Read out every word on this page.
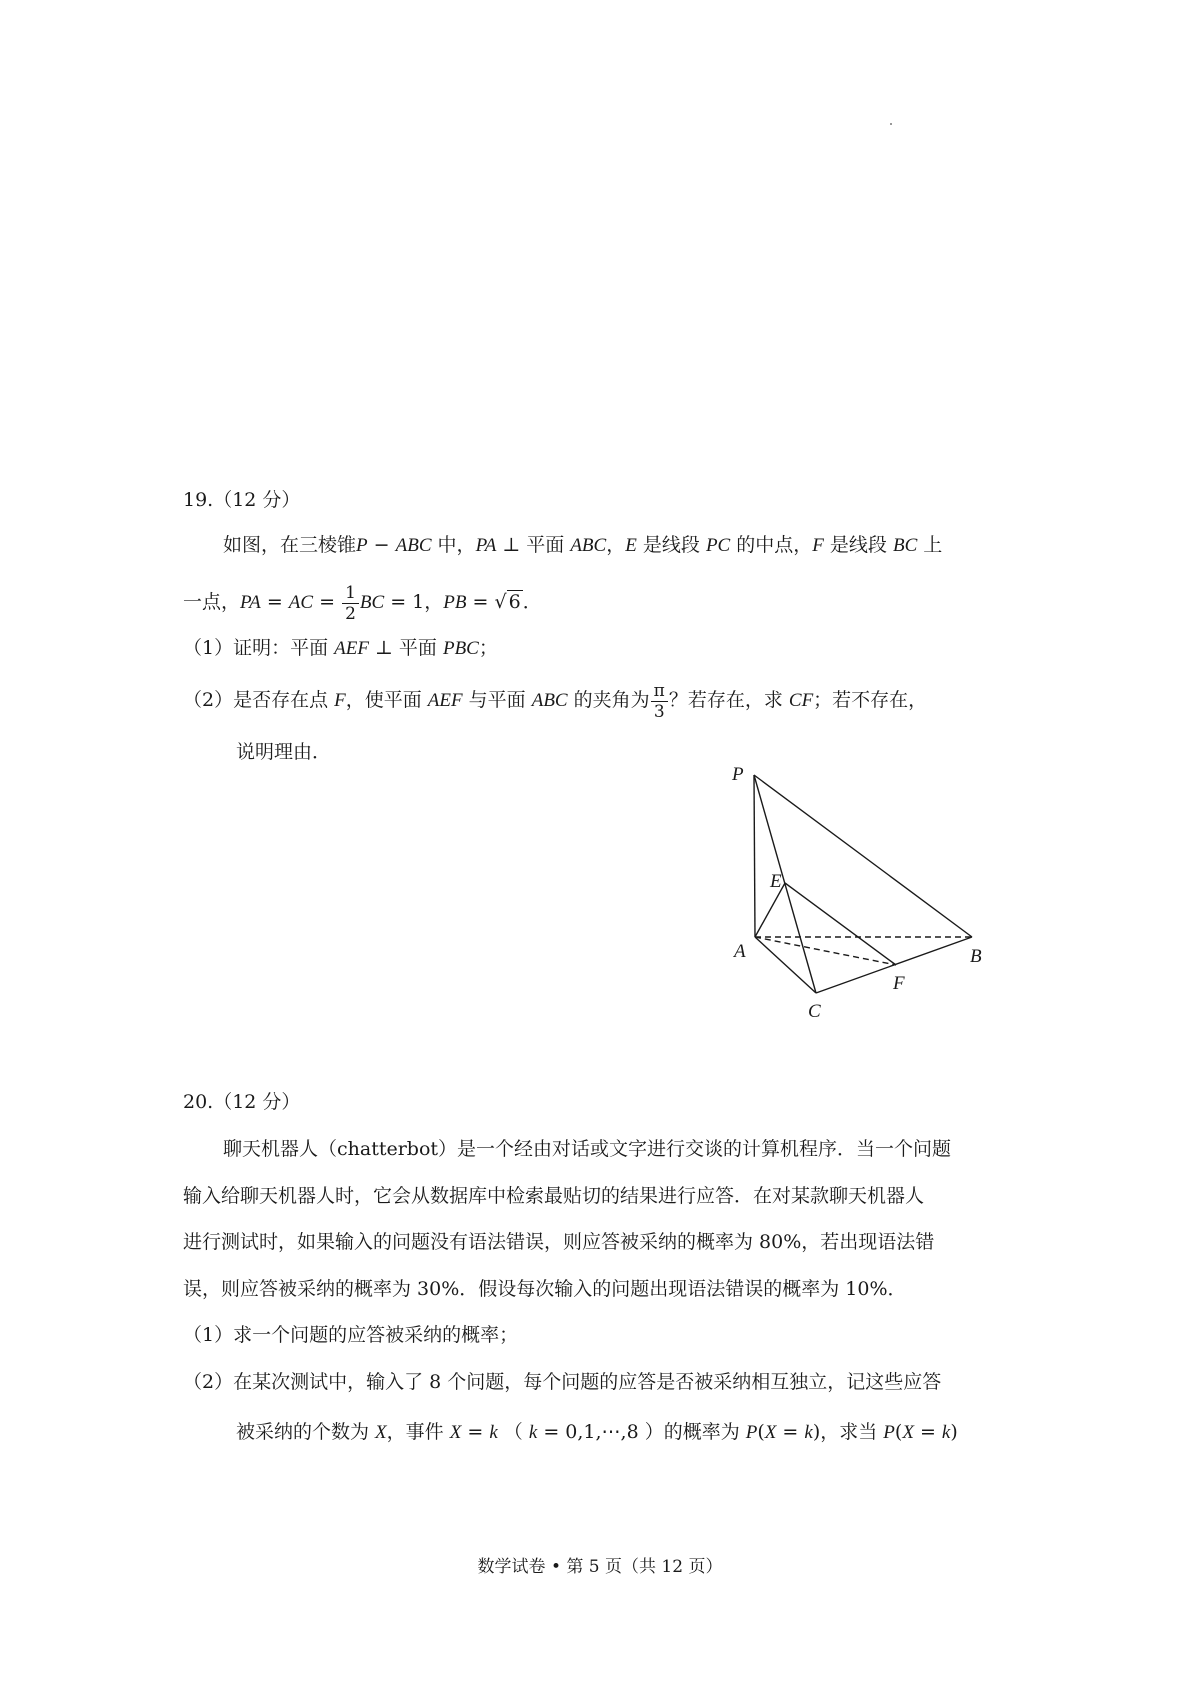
19.（12 分）
如图，在三棱锥P − ABC 中，PA ⊥ 平面 ABC，E 是线段 PC 的中点，F 是线段 BC 上
一点，PA = AC = $\frac{1}{2}$ BC = 1，PB = √ 6 ．
（1）证明：平面 AEF ⊥ 平面 PBC；
（2）是否存在点 F，使平面 AEF 与平面 ABC 的夹角为 $\frac{\pi}{3}$ ？若存在，求 CF；若不存在，
说明理由．
P
E
A	B
F
C
20.（12 分）
聊天机器人（chatterbot）是一个经由对话或文字进行交谈的计算机程序．当一个问题
输入给聊天机器人时，它会从数据库中检索最贴切的结果进行应答．在对某款聊天机器人
进行测试时，如果输入的问题没有语法错误，则应答被采纳的概率为 80%，若出现语法错
误，则应答被采纳的概率为 30%．假设每次输入的问题出现语法错误的概率为 10%．
（1）求一个问题的应答被采纳的概率；
（2）在某次测试中，输入了 8 个问题，每个问题的应答是否被采纳相互独立，记这些应答
被采纳的个数为 X，事件 X = k （ k = 0,1,⋯,8 ）的概率为 P(X = k)，求当 P(X = k)
数学试卷 • 第 5 页（共 12 页）
